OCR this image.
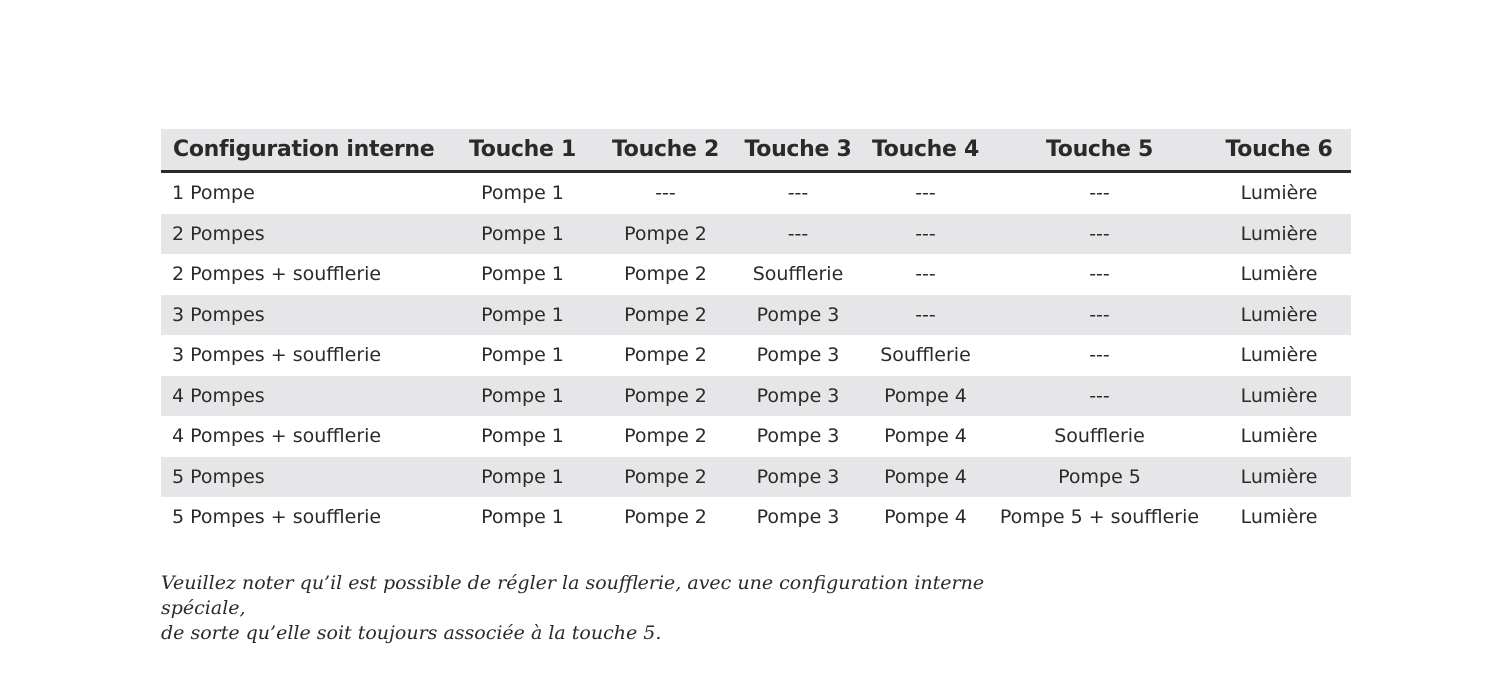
Configuration interne	Touche 1	Touche 2	Touche 3	Touche 4	Touche 5	Touche 6
1 Pompe	Pompe 1	---	---	---	---	Lumière
2 Pompes	Pompe 1	Pompe 2	---	---	---	Lumière
2 Pompes + soufflerie	Pompe 1	Pompe 2	Soufflerie	---	---	Lumière
3 Pompes	Pompe 1	Pompe 2	Pompe 3	---	---	Lumière
3 Pompes + soufflerie	Pompe 1	Pompe 2	Pompe 3	Soufflerie	---	Lumière
4 Pompes	Pompe 1	Pompe 2	Pompe 3	Pompe 4	---	Lumière
4 Pompes + soufflerie	Pompe 1	Pompe 2	Pompe 3	Pompe 4	Soufflerie	Lumière
5 Pompes	Pompe 1	Pompe 2	Pompe 3	Pompe 4	Pompe 5	Lumière
5 Pompes + soufflerie	Pompe 1	Pompe 2	Pompe 3	Pompe 4	Pompe 5 + soufflerie	Lumière
Veuillez noter qu’il est possible de régler la soufflerie, avec une configuration interne spéciale,
de sorte qu’elle soit toujours associée à la touche 5.
